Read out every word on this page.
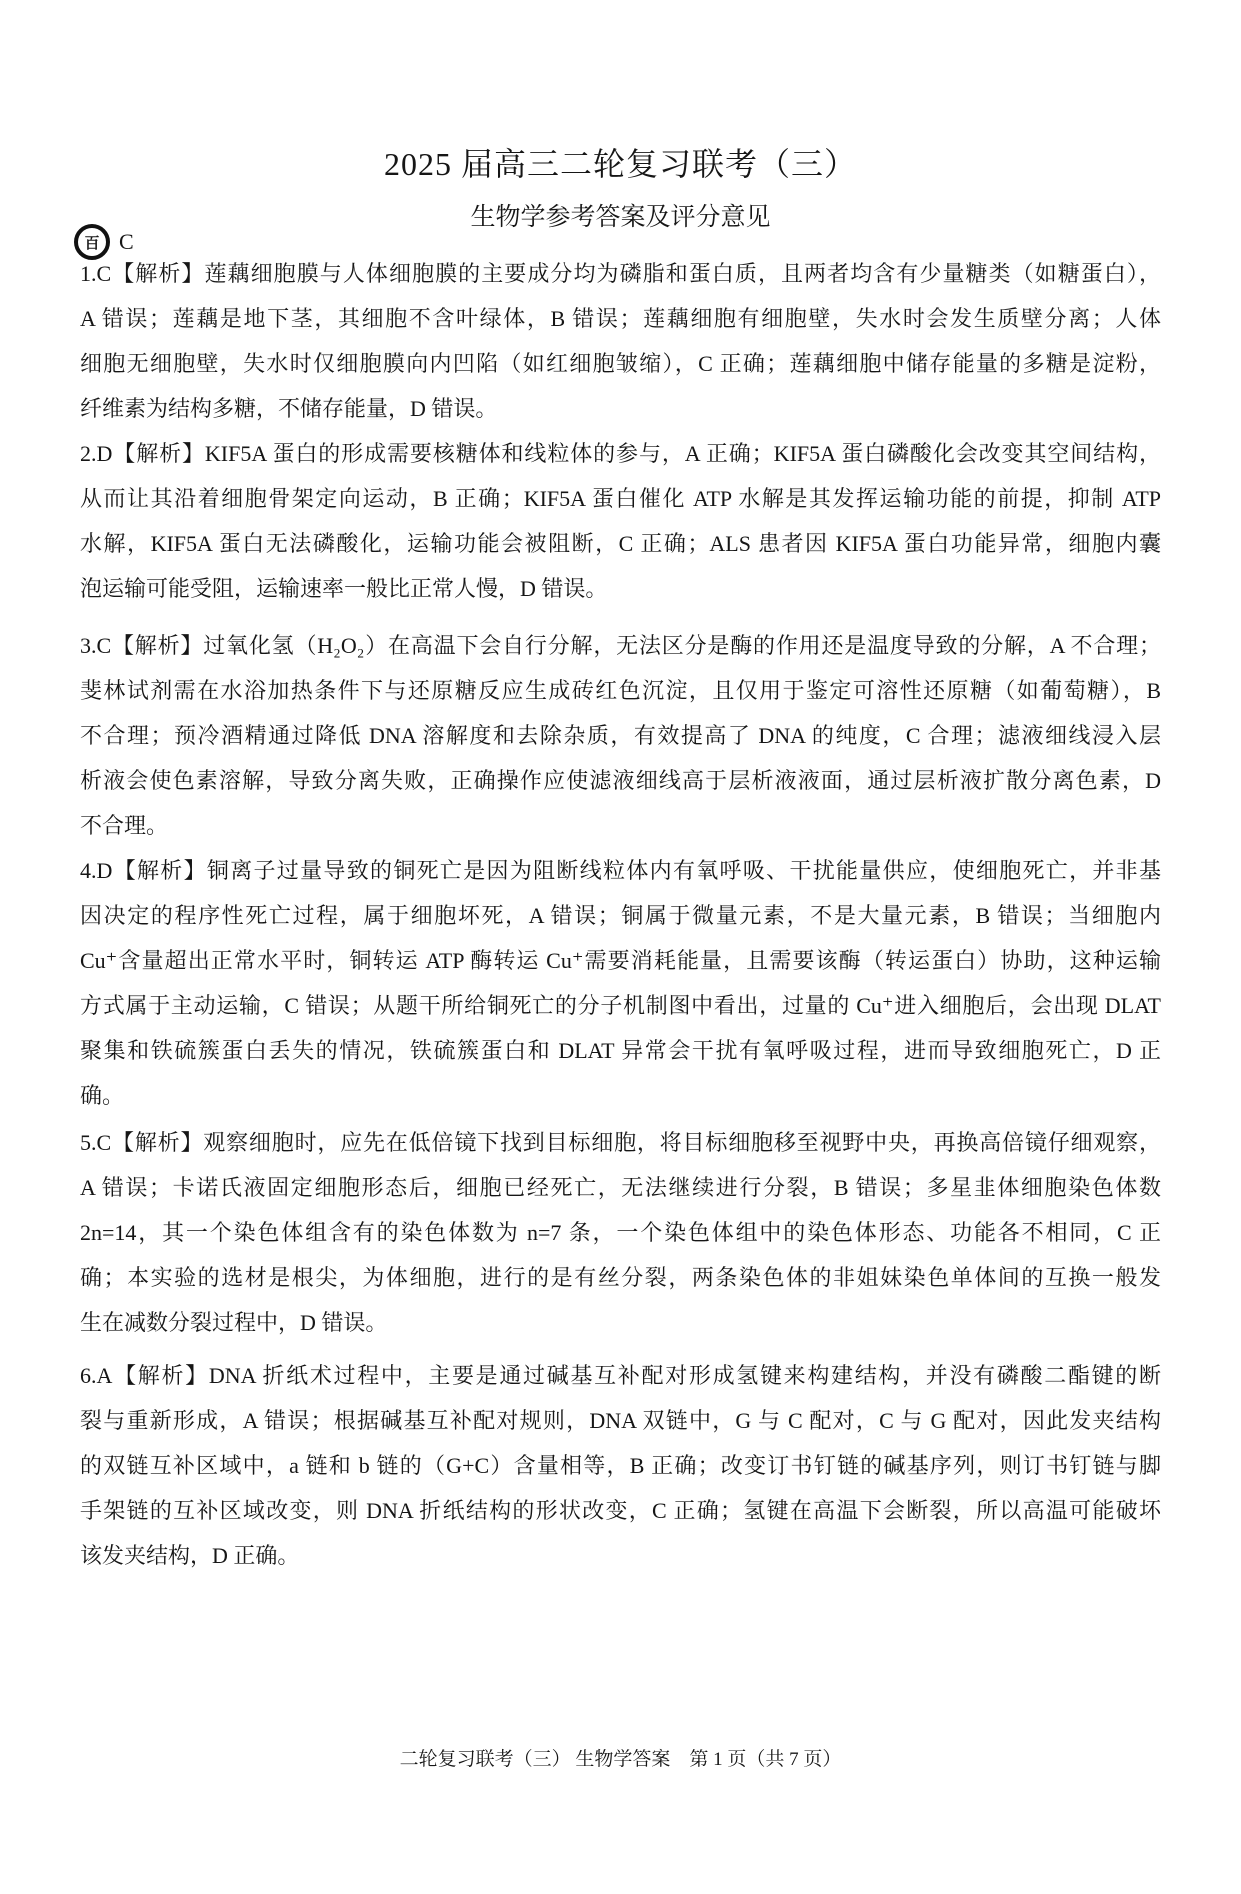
百 C
2025 届高三二轮复习联考（三）
生物学参考答案及评分意见
1.C【解析】莲藕细胞膜与人体细胞膜的主要成分均为磷脂和蛋白质，且两者均含有少量糖类（如糖蛋白），
A 错误；莲藕是地下茎，其细胞不含叶绿体，B 错误；莲藕细胞有细胞壁，失水时会发生质壁分离；人体
细胞无细胞壁，失水时仅细胞膜向内凹陷（如红细胞皱缩），C 正确；莲藕细胞中储存能量的多糖是淀粉，
纤维素为结构多糖，不储存能量，D 错误。
2.D【解析】KIF5A 蛋白的形成需要核糖体和线粒体的参与，A 正确；KIF5A 蛋白磷酸化会改变其空间结构，
从而让其沿着细胞骨架定向运动，B 正确；KIF5A 蛋白催化 ATP 水解是其发挥运输功能的前提，抑制 ATP
水解，KIF5A 蛋白无法磷酸化，运输功能会被阻断，C 正确；ALS 患者因 KIF5A 蛋白功能异常，细胞内囊
泡运输可能受阻，运输速率一般比正常人慢，D 错误。
3.C【解析】过氧化氢（H₂O₂）在高温下会自行分解，无法区分是酶的作用还是温度导致的分解，A 不合理；
斐林试剂需在水浴加热条件下与还原糖反应生成砖红色沉淀，且仅用于鉴定可溶性还原糖（如葡萄糖），B
不合理；预冷酒精通过降低 DNA 溶解度和去除杂质，有效提高了 DNA 的纯度，C 合理；滤液细线浸入层
析液会使色素溶解，导致分离失败，正确操作应使滤液细线高于层析液液面，通过层析液扩散分离色素，D
不合理。
4.D【解析】铜离子过量导致的铜死亡是因为阻断线粒体内有氧呼吸、干扰能量供应，使细胞死亡，并非基
因决定的程序性死亡过程，属于细胞坏死，A 错误；铜属于微量元素，不是大量元素，B 错误；当细胞内
Cu⁺含量超出正常水平时，铜转运 ATP 酶转运 Cu⁺需要消耗能量，且需要该酶（转运蛋白）协助，这种运输
方式属于主动运输，C 错误；从题干所给铜死亡的分子机制图中看出，过量的 Cu⁺进入细胞后，会出现 DLAT
聚集和铁硫簇蛋白丢失的情况，铁硫簇蛋白和 DLAT 异常会干扰有氧呼吸过程，进而导致细胞死亡，D 正
确。
5.C【解析】观察细胞时，应先在低倍镜下找到目标细胞，将目标细胞移至视野中央，再换高倍镜仔细观察，
A 错误；卡诺氏液固定细胞形态后，细胞已经死亡，无法继续进行分裂，B 错误；多星韭体细胞染色体数
2n=14，其一个染色体组含有的染色体数为 n=7 条，一个染色体组中的染色体形态、功能各不相同，C 正
确；本实验的选材是根尖，为体细胞，进行的是有丝分裂，两条染色体的非姐妹染色单体间的互换一般发
生在减数分裂过程中，D 错误。
6.A【解析】DNA 折纸术过程中，主要是通过碱基互补配对形成氢键来构建结构，并没有磷酸二酯键的断
裂与重新形成，A 错误；根据碱基互补配对规则，DNA 双链中，G 与 C 配对，C 与 G 配对，因此发夹结构
的双链互补区域中，a 链和 b 链的（G+C）含量相等，B 正确；改变订书钉链的碱基序列，则订书钉链与脚
手架链的互补区域改变，则 DNA 折纸结构的形状改变，C 正确；氢键在高温下会断裂，所以高温可能破坏
该发夹结构，D 正确。
二轮复习联考（三） 生物学答案　第 1 页（共 7 页）
